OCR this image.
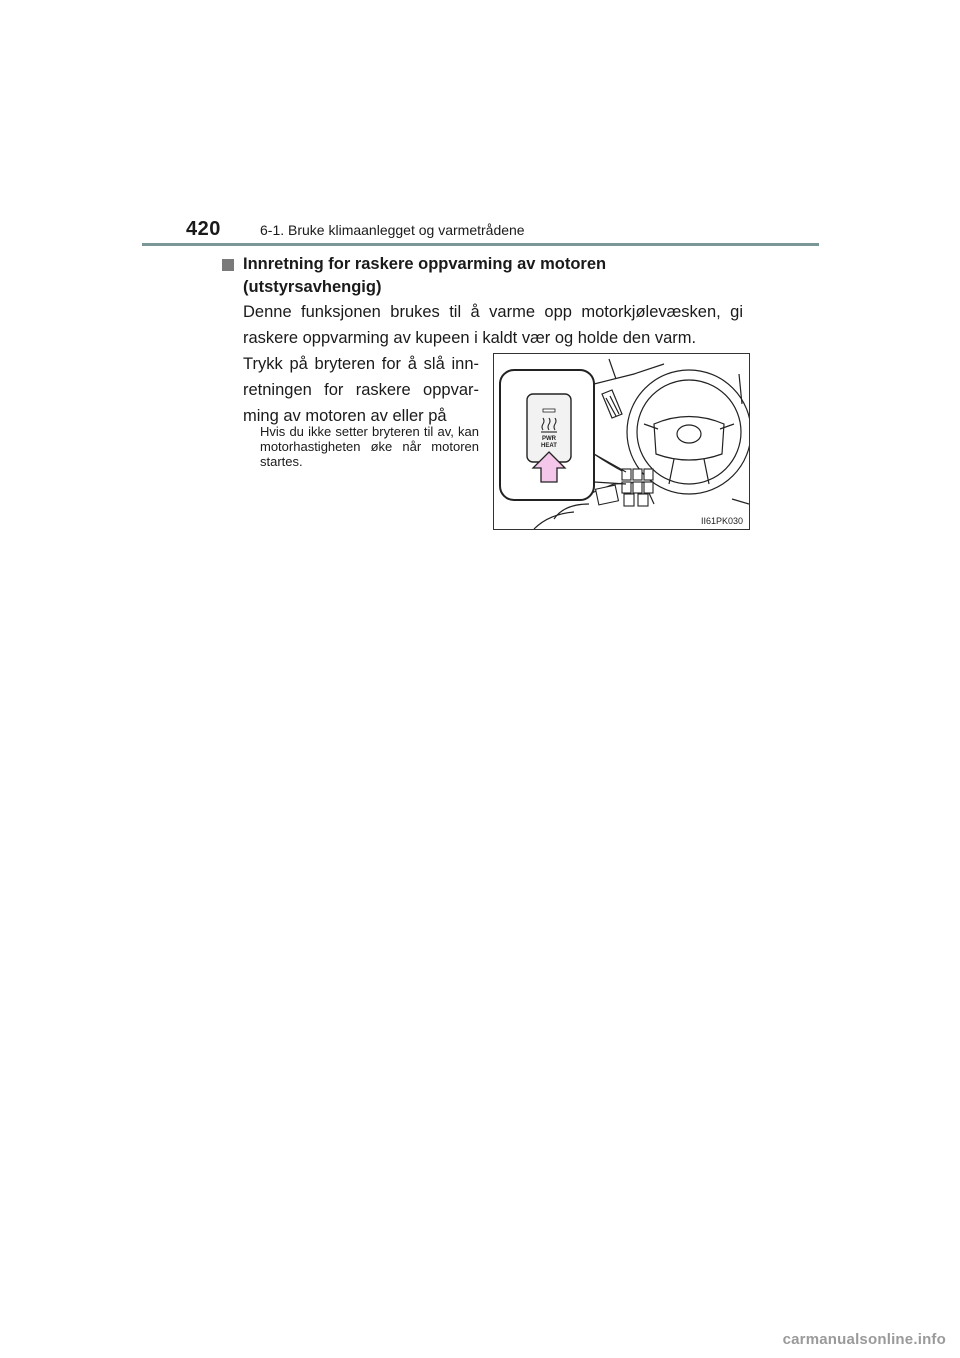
420	6-1. Bruke klimaanlegget og varmetrådene
Innretning for raskere oppvarming av motoren
(utstyrsavhengig)
Denne funksjonen brukes til å varme opp motorkjølevæsken, gi raskere oppvarming av kupeen i kaldt vær og holde den varm.
Trykk på bryteren for å slå inn-retningen for raskere oppvar-ming av motoren av eller på
Hvis du ikke setter bryteren til av, kan motorhastigheten øke når motoren startes.
PWR
HEAT
II61PK030
carmanualsonline.info
